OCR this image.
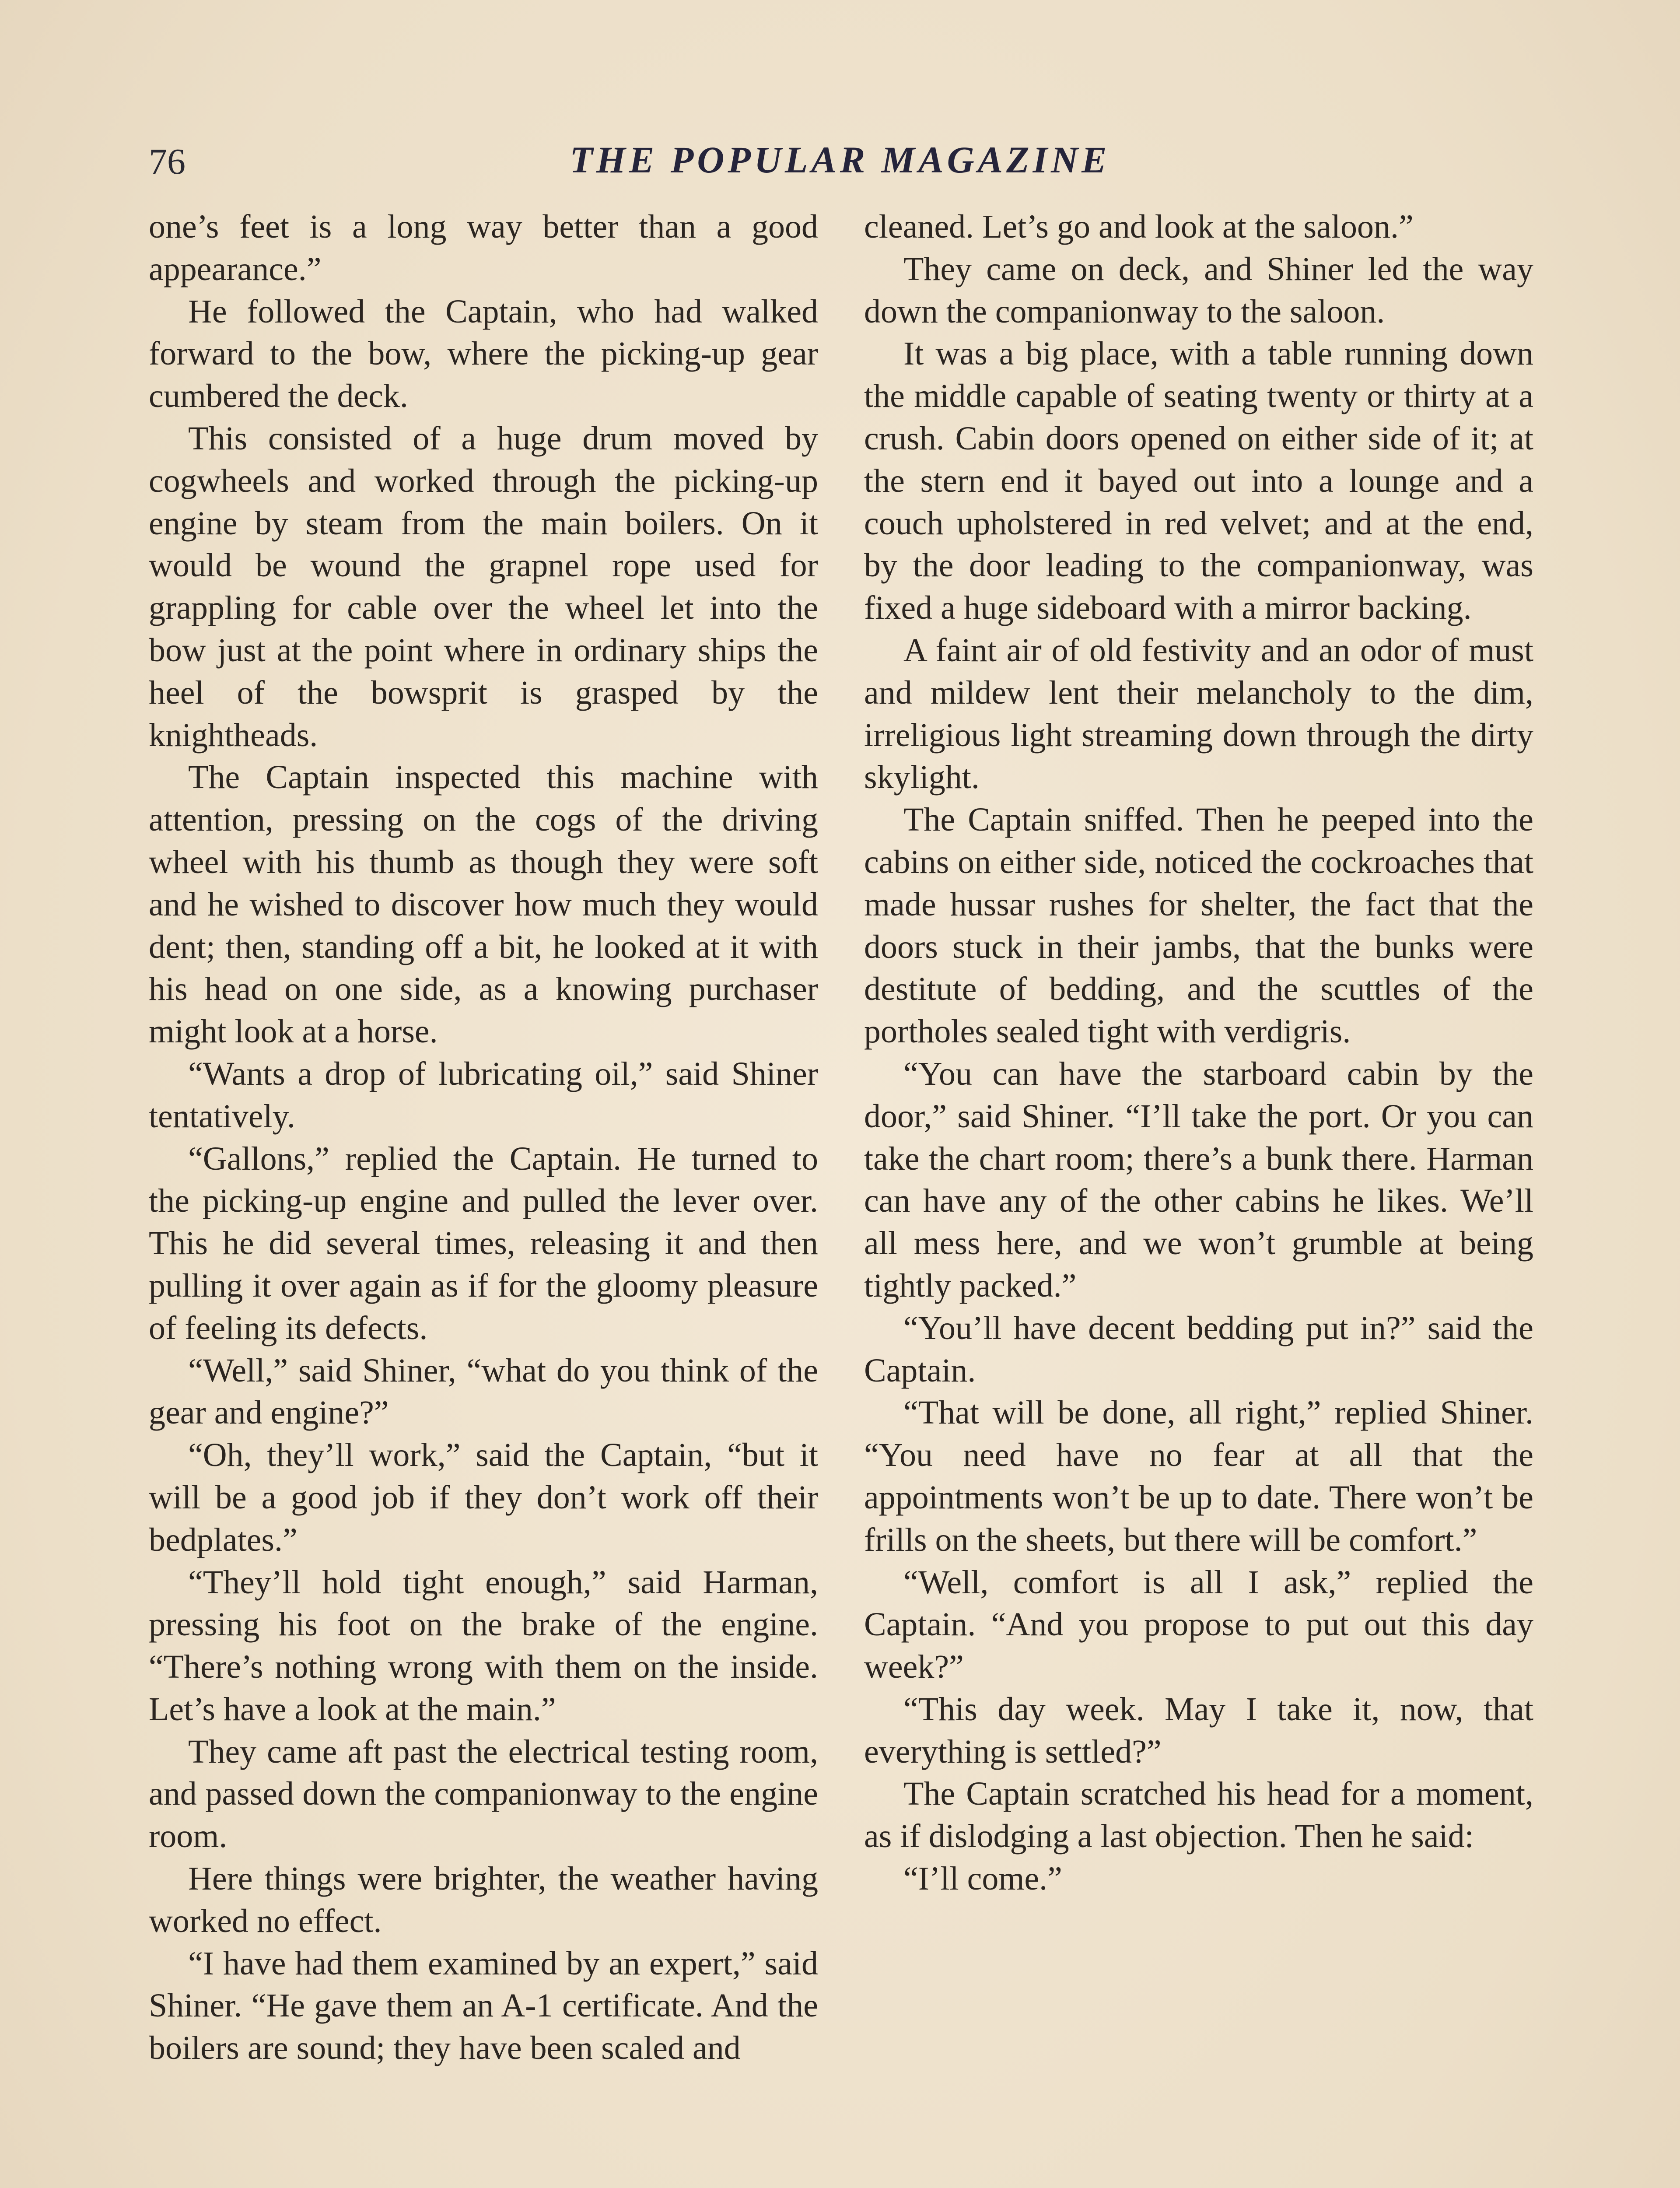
76	THE POPULAR MAGAZINE

one’s feet is a long way better than a good appearance.”

He followed the Captain, who had walked forward to the bow, where the picking-up gear cumbered the deck.

This consisted of a huge drum moved by cogwheels and worked through the picking-up engine by steam from the main boilers. On it would be wound the grapnel rope used for grappling for cable over the wheel let into the bow just at the point where in ordinary ships the heel of the bowsprit is grasped by the knightheads.

The Captain inspected this machine with attention, pressing on the cogs of the driving wheel with his thumb as though they were soft and he wished to discover how much they would dent; then, standing off a bit, he looked at it with his head on one side, as a knowing purchaser might look at a horse.

“Wants a drop of lubricating oil,” said Shiner tentatively.

“Gallons,” replied the Captain. He turned to the picking-up engine and pulled the lever over. This he did several times, releasing it and then pulling it over again as if for the gloomy pleasure of feeling its defects.

“Well,” said Shiner, “what do you think of the gear and engine?”

“Oh, they’ll work,” said the Captain, “but it will be a good job if they don’t work off their bedplates.”

“They’ll hold tight enough,” said Harman, pressing his foot on the brake of the engine. “There’s nothing wrong with them on the inside. Let’s have a look at the main.”

They came aft past the electrical testing room, and passed down the companionway to the engine room.

Here things were brighter, the weather having worked no effect.

“I have had them examined by an expert,” said Shiner. “He gave them an A-1 certificate. And the boilers are sound; they have been scaled and

cleaned. Let’s go and look at the saloon.”

They came on deck, and Shiner led the way down the companionway to the saloon.

It was a big place, with a table running down the middle capable of seating twenty or thirty at a crush. Cabin doors opened on either side of it; at the stern end it bayed out into a lounge and a couch upholstered in red velvet; and at the end, by the door leading to the companionway, was fixed a huge sideboard with a mirror backing.

A faint air of old festivity and an odor of must and mildew lent their melancholy to the dim, irreligious light streaming down through the dirty skylight.

The Captain sniffed. Then he peeped into the cabins on either side, noticed the cockroaches that made hussar rushes for shelter, the fact that the doors stuck in their jambs, that the bunks were destitute of bedding, and the scuttles of the portholes sealed tight with verdigris.

“You can have the starboard cabin by the door,” said Shiner. “I’ll take the port. Or you can take the chart room; there’s a bunk there. Harman can have any of the other cabins he likes. We’ll all mess here, and we won’t grumble at being tightly packed.”

“You’ll have decent bedding put in?” said the Captain.

“That will be done, all right,” replied Shiner. “You need have no fear at all that the appointments won’t be up to date. There won’t be frills on the sheets, but there will be comfort.”

“Well, comfort is all I ask,” replied the Captain. “And you propose to put out this day week?”

“This day week. May I take it, now, that everything is settled?”

The Captain scratched his head for a moment, as if dislodging a last objection. Then he said:

“I’ll come.”
